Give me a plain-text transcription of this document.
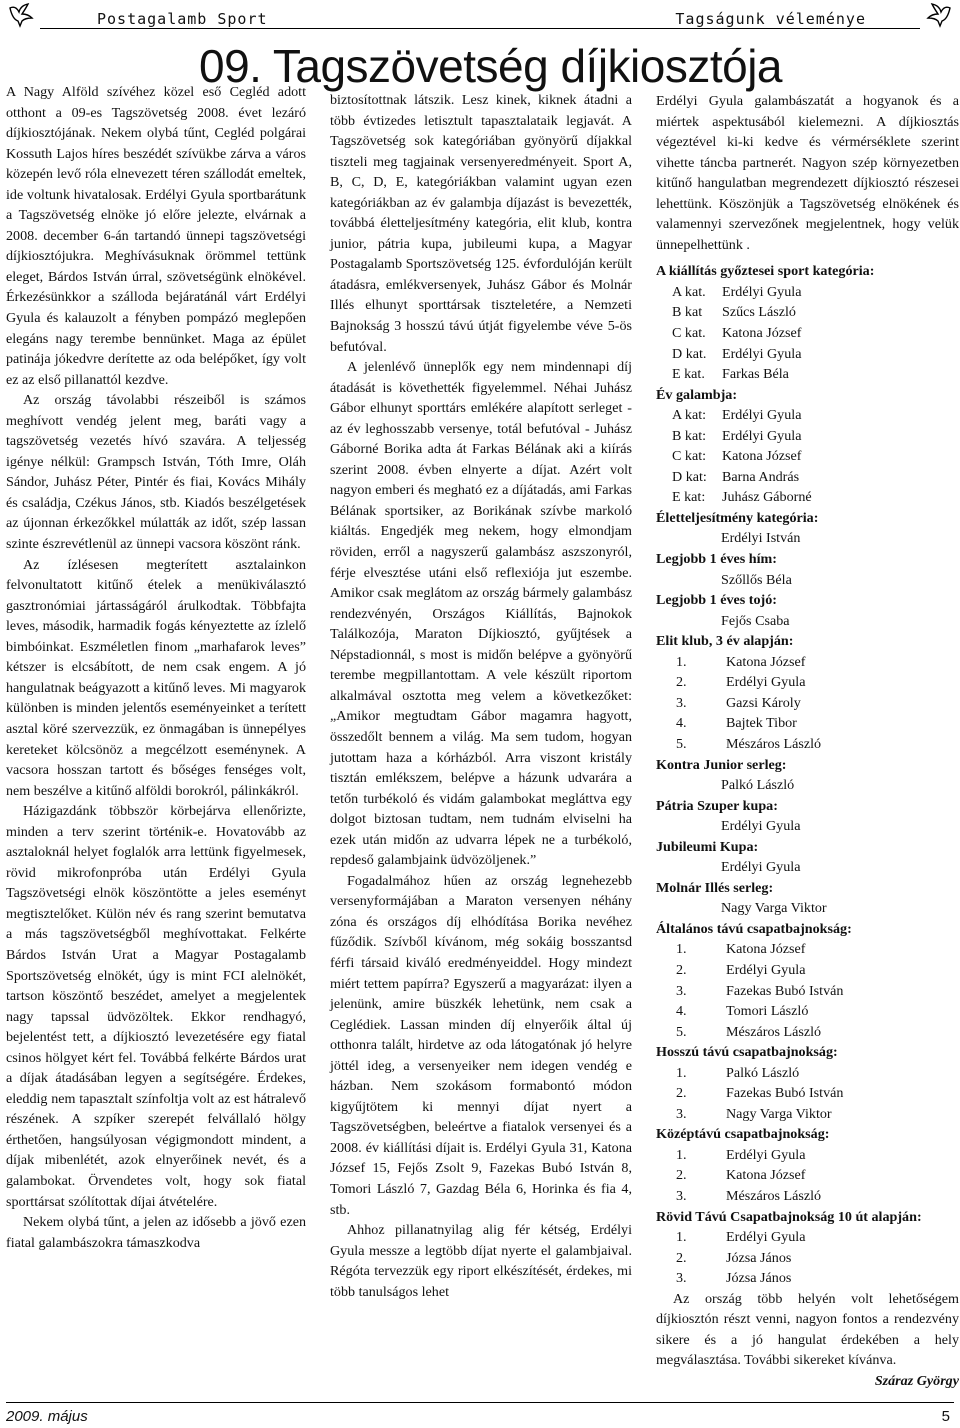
Postagalamb Sport	Tagságunk véleménye
09. Tagszövetség díjkiosztója

A Nagy Alföld szívéhez közel eső Cegléd adott otthont a 09-es Tagszövetség 2008. évet lezáró díjkiosztójának. Nekem olybá tűnt, Cegléd polgárai Kossuth Lajos híres beszédét szívükbe zárva a város közepén levő róla elnevezett téren szállodát emeltek, ide voltunk hivatalosak. Erdélyi Gyula sportbarátunk a Tagszövetség elnöke jó előre jelezte, elvárnak a 2008. december 6-án tartandó ünnepi tagszövetségi díjkiosztójukra. Meghívásuknak örömmel tettünk eleget, Bárdos István úrral, szövetségünk elnökével. Érkezésünkkor a szálloda bejáratánál várt Erdélyi Gyula és kalauzolt a fényben pompázó meglepően elegáns nagy terembe bennünket. Maga az épület patinája jókedvre derítette az oda belépőket, így volt ez az első pillanattól kezdve.

Az ország távolabbi részeiből is számos meghívott vendég jelent meg, baráti vagy a tagszövetség vezetés hívó szavára. A teljesség igénye nélkül: Grampsch István, Tóth Imre, Oláh Sándor, Juhász Péter, Pintér és fiai, Kovács Mihály és családja, Czékus János, stb. Kiadós beszélgetések az újonnan érkezőkkel múlatták az időt, szép lassan szinte észrevétlenül az ünnepi vacsora köszönt ránk.

Az ízlésesen megterített asztalainkon felvonultatott kitűnő ételek a menükiválasztó gasztronómiai jártasságáról árulkodtak. Többfajta leves, második, harmadik fogás kényeztette az ízlelő bimbóinkat. Eszméletlen finom „marhafarok leves” kétszer is elcsábított, de nem csak engem. A jó hangulatnak beágyazott a kitűnő leves. Mi magyarok különben is minden jelentős eseményeinket a terített asztal köré szervezzük, ez önmagában is ünnepélyes kereteket kölcsönöz a megcélzott eseménynek. A vacsora hosszan tartott és bőséges fenséges volt, nem beszélve a kitűnő alföldi borokról, pálinkákról.

Házigazdánk többször körbejárva ellenőrizte, minden a terv szerint történik-e. Hovatovább az asztaloknál helyet foglalók arra lettünk figyelmesek, rövid mikrofonpróba után Erdélyi Gyula Tagszövetségi elnök köszöntötte a jeles eseményt megtisztelőket. Külön név és rang szerint bemutatva a más tagszövetségből meghívottakat. Felkérte Bárdos István Urat a Magyar Postagalamb Sportszövetség elnökét, úgy is mint FCI alelnökét, tartson köszöntő beszédet, amelyet a megjelentek nagy tapssal üdvözöltek. Ekkor rendhagyó, bejelentést tett, a díjkiosztó levezetésére egy fiatal csinos hölgyet kért fel. Továbbá felkérte Bárdos urat a díjak átadásában legyen a segítségére. Érdekes, eleddig nem tapasztalt színfoltja volt az est hátralevő részének. A szpíker szerepét felvállaló hölgy érthetően, hangsúlyosan végigmondott mindent, a díjak mibenlétét, azok elnyerőinek nevét, és a galambokat. Örvendetes volt, hogy sok fiatal sporttársat szólítottak díjai átvételére.

Nekem olybá tűnt, a jelen az idősebb a jövő ezen fiatal galambászokra támaszkodva

biztosítottnak látszik. Lesz kinek, kiknek átadni a több évtizedes letisztult tapasztalataik legjavát. A Tagszövetség sok kategóriában gyönyörű díjakkal tiszteli meg tagjainak versenyeredményeit. Sport A, B, C, D, E, kategóriákban valamint ugyan ezen kategóriákban az év galambja díjazást is bevezették, továbbá életteljesítmény kategória, elit klub, kontra junior, pátria kupa, jubileumi kupa, a Magyar Postagalamb Sportszövetség 125. évfordulóján került átadásra, emlékversenyek, Juhász Gábor és Molnár Illés elhunyt sporttársak tiszteletére, a Nemzeti Bajnokság 3 hosszú távú útját figyelembe véve 5-ös befutóval.

A jelenlévő ünneplők egy nem mindennapi díj átadását is követhették figyelemmel. Néhai Juhász Gábor elhunyt sporttárs emlékére alapított serleget - az év leghosszabb versenye, totál befutóval - Juhász Gáborné Borika adta át Farkas Bélának aki a kiírás szerint 2008. évben elnyerte a díjat. Azért volt nagyon emberi és megható ez a díjátadás, ami Farkas Bélának sportsiker, az Borikának szívbe markoló kiáltás. Engedjék meg nekem, hogy elmondjam röviden, erről a nagyszerű galambász aszszonyról, férje elvesztése utáni első reflexiója jut eszembe. Amikor csak meglátom az ország bármely galambász rendezvényén, Országos Kiállítás, Bajnokok Találkozója, Maraton Díjkiosztó, gyűjtések a Népstadionnál, s most is midőn belépve a gyönyörű terembe megpillantottam. A vele készült riportom alkalmával osztotta meg velem a következőket: „Amikor megtudtam Gábor magamra hagyott, összedőlt bennem a világ. Ma sem tudom, hogyan jutottam haza a kórházból. Arra viszont kristály tisztán emlékszem, belépve a házunk udvarára a tetőn turbékoló és vidám galambokat megláttva egy dolgot biztosan tudtam, nem tudnám elviselni ha ezek után midőn az udvarra lépek ne a turbékoló, repdeső galambjaink üdvözöljenek.”

Fogadalmához hűen az ország legnehezebb versenyformájában a Maraton versenyen néhány zóna és országos díj elhódítása Borika nevéhez fűződik. Szívből kívánom, még sokáig bosszantsd férfi társaid kiváló eredményeiddel. Hogy mindezt miért tettem papírra? Egyszerű a magyarázat: ilyen a jelenünk, amire büszkék lehetünk, nem csak a Ceglédiek. Lassan minden díj elnyerőik által új otthonra talált, hirdetve az oda látogatónak jó helyre jöttél ideg, a versenyeiker nem idegen vendég e házban. Nem szokásom formabontó módon kigyűjtötem ki mennyi díjat nyert a Tagszövetségben, beleértve a fiatalok versenyei és a 2008. év kiállítási díjait is. Erdélyi Gyula 31, Katona József 15, Fejős Zsolt 9, Fazekas Bubó István 8, Tomori László 7, Gazdag Béla 6, Horinka és fia 4, stb.

Ahhoz pillanatnyilag alig fér kétség, Erdélyi Gyula messze a legtöbb díjat nyerte el galambjaival. Régóta tervezzük egy riport elkészítését, érdekes, mi több tanulságos lehet

Erdélyi Gyula galambászatát a hogyanok és a miértek aspektusából kielemezni. A díjkiosztás végeztével ki-ki kedve és vérmérséklete szerint vihette táncba partnerét. Nagyon szép környezetben kitűnő hangulatban megrendezett díjkiosztó részesei lehettünk. Köszönjük a Tagszövetség elnökének és valamennyi szervezőnek megjelentnek, hogy velük ünnepelhettünk .

A kiállítás győztesei sport kategória:
A kat. Erdélyi Gyula
B kat Szűcs László
C kat. Katona József
D kat. Erdélyi Gyula
E kat. Farkas Béla
Év galambja:
A kat: Erdélyi Gyula
B kat: Erdélyi Gyula
C kat: Katona József
D kat: Barna András
E kat: Juhász Gáborné
Életteljesítmény kategória:
Erdélyi István
Legjobb 1 éves hím:
Szőllős Béla
Legjobb 1 éves tojó:
Fejős Csaba
Elit klub, 3 év alapján:
1.	Katona József
2.	Erdélyi Gyula
3.	Gazsi Károly
4.	Bajtek Tibor
5.	Mészáros László
Kontra Junior serleg:
Palkó László
Pátria Szuper kupa:
Erdélyi Gyula
Jubileumi Kupa:
Erdélyi Gyula
Molnár Illés serleg:
Nagy Varga Viktor
Általános távú csapatbajnokság:
1.	Katona József
2.	Erdélyi Gyula
3.	Fazekas Bubó István
4.	Tomori László
5.	Mészáros László
Hosszú távú csapatbajnokság:
1.	Palkó László
2.	Fazekas Bubó István
3.	Nagy Varga Viktor
Középtávú csapatbajnokság:
1.	Erdélyi Gyula
2.	Katona József
3.	Mészáros László
Rövid Távú Csapatbajnokság 10 út alapján:
1.	Erdélyi Gyula
2.	Józsa János
3.	Józsa János

Az ország több helyén volt lehetőségem díjkiosztón részt venni, nagyon fontos a rendezvény sikere és a jó hangulat érdekében a hely megválasztása. További sikereket kívánva.

Száraz György
2009. május	5
